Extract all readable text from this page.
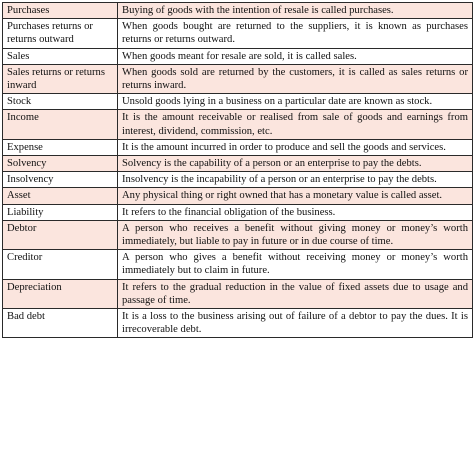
Purchases	Buying of goods with the intention of resale is called purchases.
Purchases returns or returns outward	When goods bought are returned to the suppliers, it is known as purchases returns or returns outward.
Sales	When goods meant for resale are sold, it is called sales.
Sales returns or returns inward	When goods sold are returned by the customers, it is called as sales returns or returns inward.
Stock	Unsold goods lying in a business on a particular date are known as stock.
Income	It is the amount receivable or realised from sale of goods and earnings from interest, dividend, commission, etc.
Expense	It is the amount incurred in order to produce and sell the goods and services.
Solvency	Solvency is the capability of a person or an enterprise to pay the debts.
Insolvency	Insolvency is the incapability of a person or an enterprise to pay the debts.
Asset	Any physical thing or right owned that has a monetary value is called asset.
Liability	It refers to the financial obligation of the business.
Debtor	A person who receives a benefit without giving money or money’s worth immediately, but liable to pay in future or in due course of time.
Creditor	A person who gives a benefit without receiving money or money’s worth immediately but to claim in future.
Depreciation	It refers to the gradual reduction in the value of fixed assets due to usage and passage of time.
Bad debt	It is a loss to the business arising out of failure of a debtor to pay the dues. It is irrecoverable debt.
